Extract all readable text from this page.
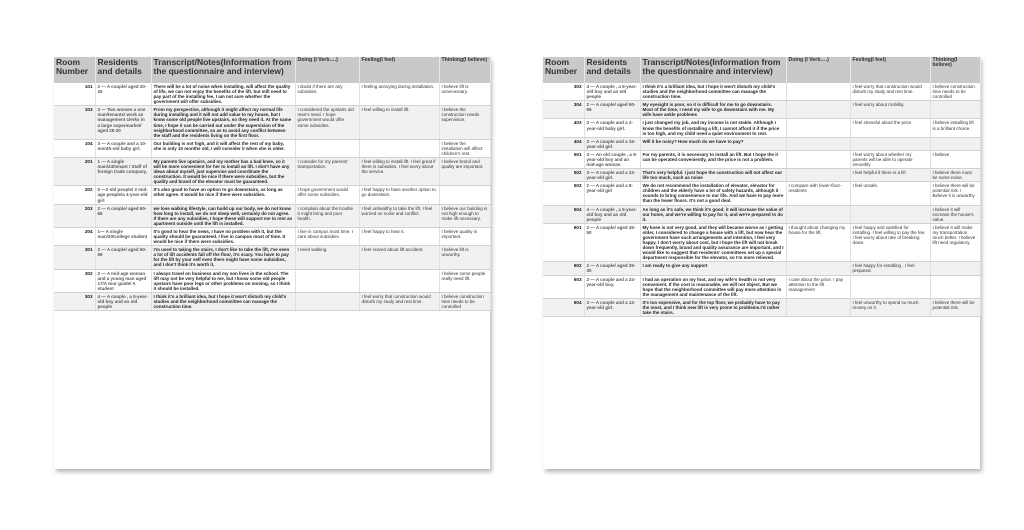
Room Number	Residents and details	Transcript/Notes(Information from the questionnaire and interview)	Doing (I Verb….)	Feeling(I feel)	Thinking(I believe)
101	2 — A couple/ aged 20-25	There will be a lot of noise when installing, will affect the quality of life, we can not enjoy the benefits of the lift, but still need to pay part of the installing fee, I am not sure whether the government will offer subsidies.	I doubt if there are any subsidies.	I feeling annoying during installation.	I believe lift is unnecessary.
103	3 — Two women a one man/tenants/ work as management clerks in a large supermarket/ aged 25-30	From my perspective, although it might affect my normal life during installing and it will not add value to my house, but I know some old people live upstairs, so they need it. At the same time, I hope it can be carried out under the supervision of the neighborhood committee, so as to avoid any conflict between the staff and the residents living on the first floor.	I considered the upstairs old man's need. I hope government would offer some subsidies.	I feel willing to install lift.	I believe the construction needs supervision.
104	3 — A couple and a 10-month-old baby girl.	Our building is not high, and it will affect the rest of my baby, she is only 10 months old, I will consider it when she is older.			I believe the installation will affect children's rest.
201	1 — A single man/24/tenant / Staff of foreign trade company,	My parents live upstairs, and my mother has a bad knee, so it will be more convenient for her to install an lift. I don't have any ideas about myself, just supervise and coordinate the construction. It would be nice if there were subsidies, but the quality and brand of the elevator must be guaranteed.	I consider for my parents' transportation.	I feel willing to install lift. I feel great if there is subsidies. I feel worry about the service.	I believe brand and quality are important.
202	5 —2 old people/ 2 mid-age people/a 4-year-old girl	It's also good to have an option to go downstairs, as long as other agree. It would be nice if there were subsidies.	I hope government would offer some subsidies.	I feel happy to have another option to go downstairs.	
203	2 — A couple/ aged 60-65	we love walking lifestyle, can build up our body, we do not know how long to install, we do not sleep well, certainly do not agree. If there are any subsidies, I hope these will support me to rent an apartment outside until the lift is installed.	I complain about the trouble it might bring and poor health.	I feel unhealthy to take the lift. I feel worried on noise and conflict.	I believe our building is not high enough to make lift necessary.
204	1— A single man/20/college student	It's good to hear the news, I have no problem with it, but the quality should be guaranteed. I live in campus most of time. It would be nice if there were subsidies.	I live in campus most time. I care about subsidies.	I feel happy to hear it.	I believe quality is important.
301	2 — A couple/ aged 60-65	I'm used to taking the stairs, I don't like to take the lift, I've seen a lot of lift accidents fall off the floor, it's scary. You have to pay for the lift by your self even there might have some subsidies, and I don't think it's worth it,	I need walking.	I feel scared about lift accident.	I believe lift is unworthy.
302	2 — A mid-age woman and a young man aged 17/A tour guide/ A student	I always travel on business and my son lives in the school. The lift may not be very helpful to me, but I know some old people upstairs have poor legs or other problems on moving, so I think it should be installed.			I believe some people really need lift.
303	4 — A couple , a 5-year-old boy and an old people	I think it's a brilliant idea, but I hope it won't disturb my child's studies and the neighborhood committee can manage the construction time.		I feel worry that construction would disturb my study and rest time.	I believe construction time needs to be controlled
Room Number	Residents and details	Transcript/Notes(Information from the questionnaire and interview)	Doing (I Verb….)	Feeling(I feel)	Thinking(I believe)
303	4 — A couple , a 5-year-old boy and an old people	I think it's a brilliant idea, but I hope it won't disturb my child's studies and the neighborhood committee can manage the construction time.		I feel worry that construction would disturb my study and rest time.	I believe construction time needs to be controlled
304	2 — A couple/ aged 60-65	My eyesight is poor, so it is difficult for me to go downstairs. Most of the time, I need my wife to go downstairs with me. My wife have ankle problems		I feel worry about mobility.	
403	3 — A couple and a 2-year-old baby girl.	I just changed my job, and my income is not stable. Although I know the benefits of installing a lift, I cannot afford it if the price is too high, and my child need a quiet environment to rest.		I feel stressful about the price	I believe installing lift is a brilliant choice.
404	3 — A couple and a 15-year-old girl.	Will it be noisy? How much do we have to pay?			
501	4 — An old couple , a 9-year-old boy and an mid-age woman	For my parents, it is necessary to install an lift. But I hope the it can be operated conveniently, and the price is not a problem.		I feel worry about whether my parents will be able to operate smoothly	I believe
502	3 — A couple and a 22-year-old girl.	That's very helpful. I just hope the construction will not affect our life too much, such as noise		I feel helpful if there is a lift	I believe there must be some noise.
503	2 — A couple and a 8-year-old girl	We do not recommend the installation of elevator, elevator for children and the elderly have a lot of safety hazards, although it sounds to bring convenience to our life. And we have to pay more than the lower floors. It's not a good deal.	I compare with lower-floor-residents	I feel unsafe.	I believe there will be potential risk. I Believe it is unworthy
504	4 — A couple , a 5-year-old boy and an old people	As long as it's safe, we think it's good. it will increase the value of our home, and we're willing to pay for it, and we're prepared to do it.			I believe it will increase the house's value.
601	2 — A couple/ aged 45-50	My knee is not very good, and they will became worse as i getting older, I considered to change a house with a lift, but now hear the government have such arrangements and intention, I feel very happy. I don't worry about cost, but I hope the lift will not break down frequently, brand and quality assurance are important, and I would like to suggest that residents' committees set up a special department responsible for the elevator, so I'm more relieved.	I thought about changing my house for the lift.	I feel happy and satisfied for installing. I feel willing to pay the fee. I feel worry about rate of breaking down.	I believe it will make my transportation much better. I believe lift need regulatory.
602	2 — A couple/ aged 25-30	I am ready to give any support		I feel happy for installing . I feel prepared.	
603	3 — A couple and a 24-year-old boy.	I had an operation on my foot, and my wife's health is not very convenient. If the cost is reasonable, we will not object, But we hope that the neighborhood committee will pay more attention in the management and maintenance of the lift.	I care about the price. I pay attention to the lift management		
604	3 — A couple and a 12-year-old girl.	It's too expensive, and for the top floor, we probably have to pay the most, and I think new lift is very prone to problems.I'd rather take the stairs.		I feel unworthy to spend so much money on it.	I believe there will be potential risk.
